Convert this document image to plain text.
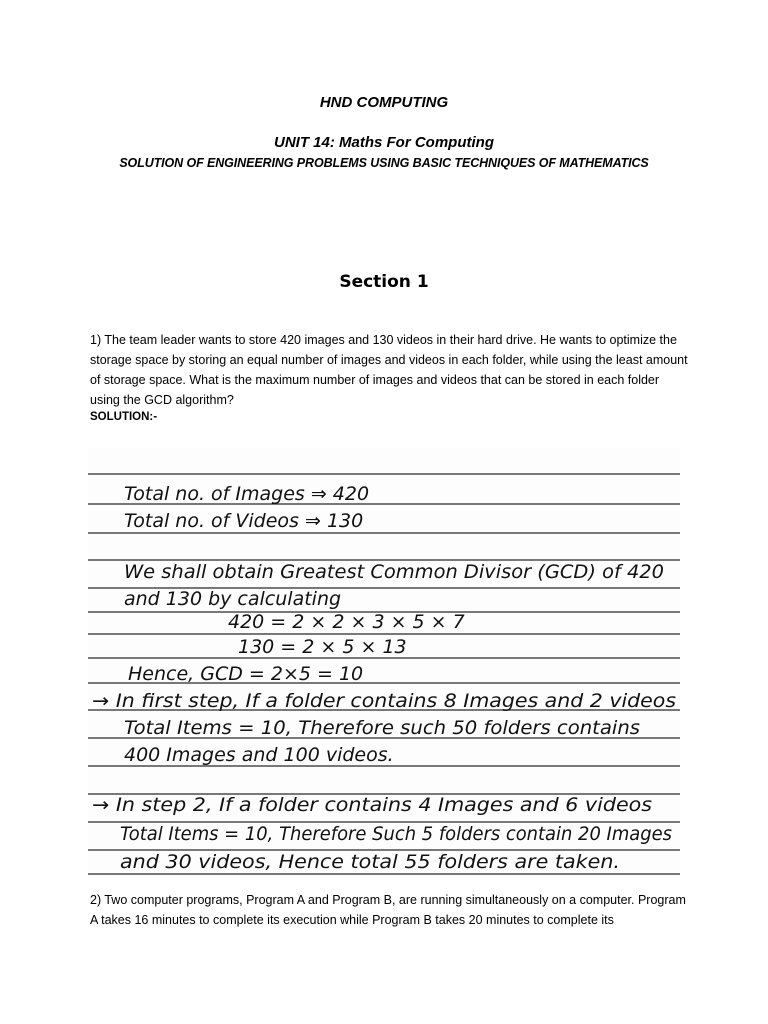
HND COMPUTING
UNIT 14: Maths For Computing
SOLUTION OF ENGINEERING PROBLEMS USING BASIC TECHNIQUES OF MATHEMATICS
Section 1
1) The team leader wants to store 420 images and 130 videos in their hard drive. He wants to optimize the storage space by storing an equal number of images and videos in each folder, while using the least amount of storage space. What is the maximum number of images and videos that can be stored in each folder using the GCD algorithm?
SOLUTION:-
Total no. of Images ⇒ 420
Total no. of Videos ⇒ 130
We shall obtain Greatest Common Divisor (GCD) of 420
and 130 by calculating
420 = 2 × 2 × 3 × 5 × 7
130 = 2 × 5 × 13
Hence, GCD = 2×5 = 10
→ In first step, If a folder contains 8 Images and 2 videos
Total Items = 10, Therefore such 50 folders contains
400 Images and 100 videos.
→ In step 2, If a folder contains 4 Images and 6 videos
Total Items = 10, Therefore Such 5 folders contain 20 Images
and 30 videos, Hence total 55 folders are taken.
2) Two computer programs, Program A and Program B, are running simultaneously on a computer. Program A takes 16 minutes to complete its execution while Program B takes 20 minutes to complete its
